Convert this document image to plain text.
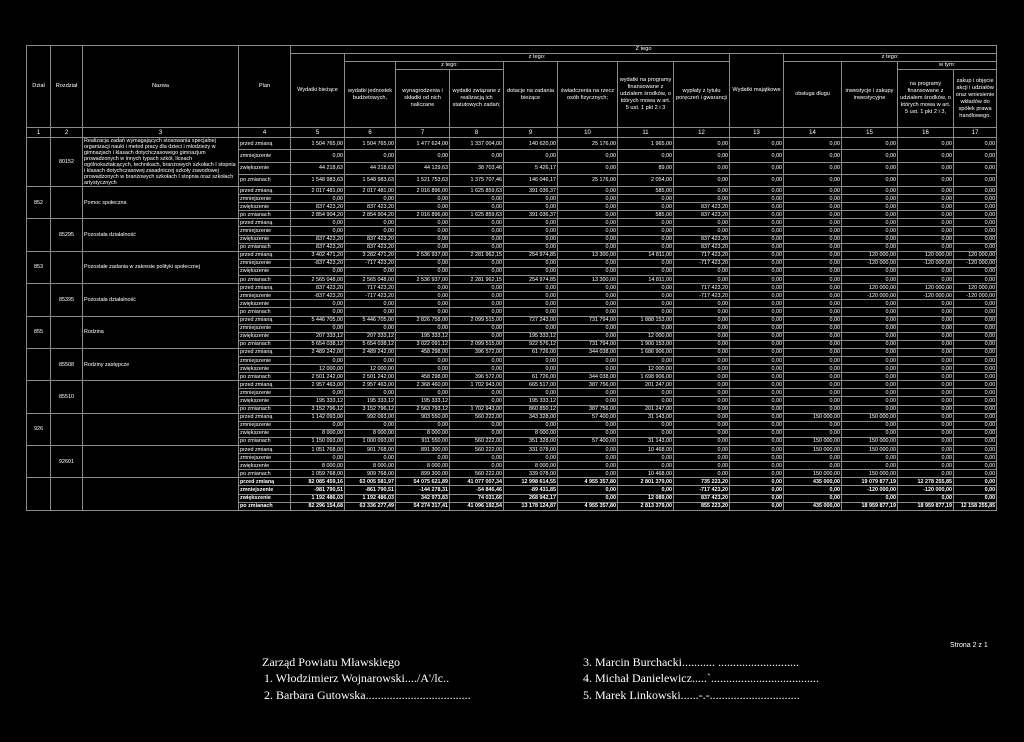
Dział	Rozdział	Nazwa	Plan	Z tego													
				Wydatki bieżące	z tego:							Wydatki majątkowe	z tego:				
					wydatki jednostek budżetowych,	z tego:		dotacje na zadania bieżące	świadczenia na rzecz osób fizycznych;	wydatki na programy finansowane z udziałem środków, o których mowa w art. 5 ust. 1 pkt 2 i 3	wypłaty z tytułu poręczeń i gwarancji		obsługa długu	inwestycje i zakupy inwestycyjne	w tym:		
						wynagrodzenia i składki od nich naliczane	wydatki związane z realizacją ich statutowych zadań;								na programy finansowane z udziałem środków, o których mowa w art. 5 ust. 1 pkt 2 i 3,	zakup i objęcie akcji i udziałów oraz wniesienie wkładów do spółek prawa handlowego.	
1	2	3	4	5	6	7	8	9	10	11	12	13	14	15	16	17	
	80152	Realizacja zadań wymagających stosowania specjalnej organizacji nauki i metod pracy dla dzieci i młodzieży w gimnazjach i klasach dotychczasowego gimnazjum prowadzonych w innych typach szkół, liceach ogólnokształcących, technikach, branżowych szkołach I stopnia i klasach dotychczasowej zasadniczej szkoły zawodowej prowadzonych w branżowych szkołach I stopnia oraz szkołach artystycznych	przed zmianą	1 504 765,00	1 504 765,00	1 477 624,00	1 337 004,00	140 620,00	25 176,00	1 965,00	0,00	0,00	0,00	0,00	0,00	0,00	
			zmniejszenie	0,00	0,00	0,00	0,00	0,00	0,00	0,00	0,00	0,00	0,00	0,00	0,00	0,00	
			zwiększenie	44 218,63	44 218,63	44 129,63	38 703,46	5 426,17	0,00	89,00	0,00	0,00	0,00	0,00	0,00	0,00	
			po zmianach	1 548 983,63	1 548 983,63	1 521 753,63	1 375 707,46	146 046,17	25 176,00	2 054,00	0,00	0,00	0,00	0,00	0,00	0,00	
852		Pomoc społeczna	przed zmianą	2 017 481,00	2 017 481,00	2 016 896,00	1 625 859,63	391 036,37	0,00	585,00	0,00	0,00	0,00	0,00	0,00	0,00	
			zmniejszenie	0,00	0,00	0,00	0,00	0,00	0,00	0,00	0,00	0,00	0,00	0,00	0,00	0,00	
			zwiększenie	837 423,20	837 423,20	0,00	0,00	0,00	0,00	0,00	837 423,20	0,00	0,00	0,00	0,00	0,00	
			po zmianach	2 854 904,20	2 854 904,20	2 016 896,00	1 625 859,63	391 036,37	0,00	585,00	837 423,20	0,00	0,00	0,00	0,00	0,00	
	85295	Pozostała działalność	przed zmianą	0,00	0,00	0,00	0,00	0,00	0,00	0,00	0,00	0,00	0,00	0,00	0,00	0,00	
			zmniejszenie	0,00	0,00	0,00	0,00	0,00	0,00	0,00	0,00	0,00	0,00	0,00	0,00	0,00	
			zwiększenie	837 423,20	837 423,20	0,00	0,00	0,00	0,00	0,00	837 423,20	0,00	0,00	0,00	0,00	0,00	
			po zmianach	837 423,20	837 423,20	0,00	0,00	0,00	0,00	0,00	837 423,20	0,00	0,00	0,00	0,00	0,00	
853		Pozostałe zadania w zakresie polityki społecznej	przed zmianą	3 402 471,20	3 282 471,20	2 536 937,00	2 281 962,15	254 974,85	13 300,00	14 811,00	717 423,20	0,00	0,00	120 000,00	120 000,00	120 000,00	
			zmniejszenie	-837 423,20	-717 423,20	0,00	0,00	0,00	0,00	0,00	-717 423,20	0,00	0,00	-120 000,00	-120 000,00	-120 000,00	
			zwiększenie	0,00	0,00	0,00	0,00	0,00	0,00	0,00	0,00	0,00	0,00	0,00	0,00	0,00	
			po zmianach	2 565 048,00	2 565 048,00	2 536 937,00	2 281 962,15	254 974,85	13 300,00	14 811,00	0,00	0,00	0,00	0,00	0,00	0,00	
	85395	Pozostała działalność	przed zmianą	837 423,20	717 423,20	0,00	0,00	0,00	0,00	0,00	717 423,20	0,00	0,00	120 000,00	120 000,00	120 000,00	
			zmniejszenie	-837 423,20	-717 423,20	0,00	0,00	0,00	0,00	0,00	-717 423,20	0,00	0,00	-120 000,00	-120 000,00	-120 000,00	
			zwiększenie	0,00	0,00	0,00	0,00	0,00	0,00	0,00	0,00	0,00	0,00	0,00	0,00	0,00	
			po zmianach	0,00	0,00	0,00	0,00	0,00	0,00	0,00	0,00	0,00	0,00	0,00	0,00	0,00	
855		Rodzina	przed zmianą	5 446 705,00	5 446 705,00	2 826 758,00	2 099 515,00	727 243,00	731 794,00	1 888 153,00	0,00	0,00	0,00	0,00	0,00	0,00	
			zmniejszenie	0,00	0,00	0,00	0,00	0,00	0,00	0,00	0,00	0,00	0,00	0,00	0,00	0,00	
			zwiększenie	207 333,12	207 333,12	195 333,12	0,00	195 333,12	0,00	12 000,00	0,00	0,00	0,00	0,00	0,00	0,00	
			po zmianach	5 654 038,12	5 654 038,12	3 022 091,12	2 099 515,00	922 576,12	731 794,00	1 900 153,00	0,00	0,00	0,00	0,00	0,00	0,00	
	85508	Rodziny zastępcze	przed zmianą	2 489 242,00	2 489 242,00	458 298,00	396 572,00	61 726,00	344 038,00	1 686 906,00	0,00	0,00	0,00	0,00	0,00	0,00	
			zmniejszenie	0,00	0,00	0,00	0,00	0,00	0,00	0,00	0,00	0,00	0,00	0,00	0,00	0,00	
			zwiększenie	12 000,00	12 000,00	0,00	0,00	0,00	0,00	12 000,00	0,00	0,00	0,00	0,00	0,00	0,00	
			po zmianach	2 501 242,00	2 501 242,00	458 298,00	396 572,00	61 726,00	344 038,00	1 698 906,00	0,00	0,00	0,00	0,00	0,00	0,00	
	85510		przed zmianą	2 957 463,00	2 957 463,00	2 368 460,00	1 702 943,00	665 517,00	387 756,00	201 247,00	0,00	0,00	0,00	0,00	0,00	0,00	
			zmniejszenie	0,00	0,00	0,00	0,00	0,00	0,00	0,00	0,00	0,00	0,00	0,00	0,00	0,00	
			zwiększenie	195 333,12	195 333,12	195 333,12	0,00	195 333,12	0,00	0,00	0,00	0,00	0,00	0,00	0,00	0,00	
			po zmianach	3 152 796,12	3 152 796,12	2 563 793,12	1 702 943,00	860 850,12	387 756,00	201 247,00	0,00	0,00	0,00	0,00	0,00	0,00	
926			przed zmianą	1 142 093,00	992 093,00	903 550,00	560 222,00	343 328,00	57 400,00	31 143,00	0,00	0,00	150 000,00	150 000,00	0,00	0,00	
			zmniejszenie	0,00	0,00	0,00	0,00	0,00	0,00	0,00	0,00	0,00	0,00	0,00	0,00	0,00	
			zwiększenie	8 000,00	8 000,00	8 000,00	0,00	8 000,00	0,00	0,00	0,00	0,00	0,00	0,00	0,00	0,00	
			po zmianach	1 150 093,00	1 000 093,00	911 550,00	560 222,00	351 328,00	57 400,00	31 143,00	0,00	0,00	150 000,00	150 000,00	0,00	0,00	
	92601		przed zmianą	1 051 768,00	901 768,00	891 300,00	560 222,00	331 078,00	0,00	10 468,00	0,00	0,00	150 000,00	150 000,00	0,00	0,00	
			zmniejszenie	0,00	0,00	0,00	0,00	0,00	0,00	0,00	0,00	0,00	0,00	0,00	0,00	0,00	
			zwiększenie	8 000,00	8 000,00	8 000,00	0,00	8 000,00	0,00	0,00	0,00	0,00	0,00	0,00	0,00	0,00	
			po zmianach	1 059 768,00	909 768,00	899 300,00	560 222,00	339 078,00	0,00	10 468,00	0,00	0,00	150 000,00	150 000,00	0,00	0,00	
			przed zmianą	82 085 459,16	63 005 581,97	54 075 621,89	41 077 007,34	12 998 614,55	4 955 357,80	2 801 379,00	735 223,20	0,00	435 000,00	19 079 877,19	12 278 255,85	0,00	
			zmniejszenie	-981 790,51	-861 790,51	-144 278,31	-54 846,46	-89 431,85	0,00	0,00	-717 423,20	0,00	0,00	-120 000,00	-120 000,00	0,00	
			zwiększenie	1 192 486,03	1 192 486,03	342 973,83	74 031,66	268 942,17	0,00	12 089,00	837 423,20	0,00	0,00	0,00	0,00	0,00	
			po zmianach	82 296 154,68	63 336 277,49	54 274 317,41	41 096 192,54	13 178 124,87	4 955 357,80	2 813 379,00	855 223,20	0,00	435 000,00	18 959 877,19	18 959 877,19	12 158 255,85	
Strona 2 z 1
Zarząd Powiatu Mławskiego
1. Włodzimierz Wojnarowski..../A'/lc..
2. Barbara Gutowska...................................
3. Marcin Burchacki........... ...........................
4. Michał Danielewicz.....`....................................
5. Marek Linkowski......-.-..............................
